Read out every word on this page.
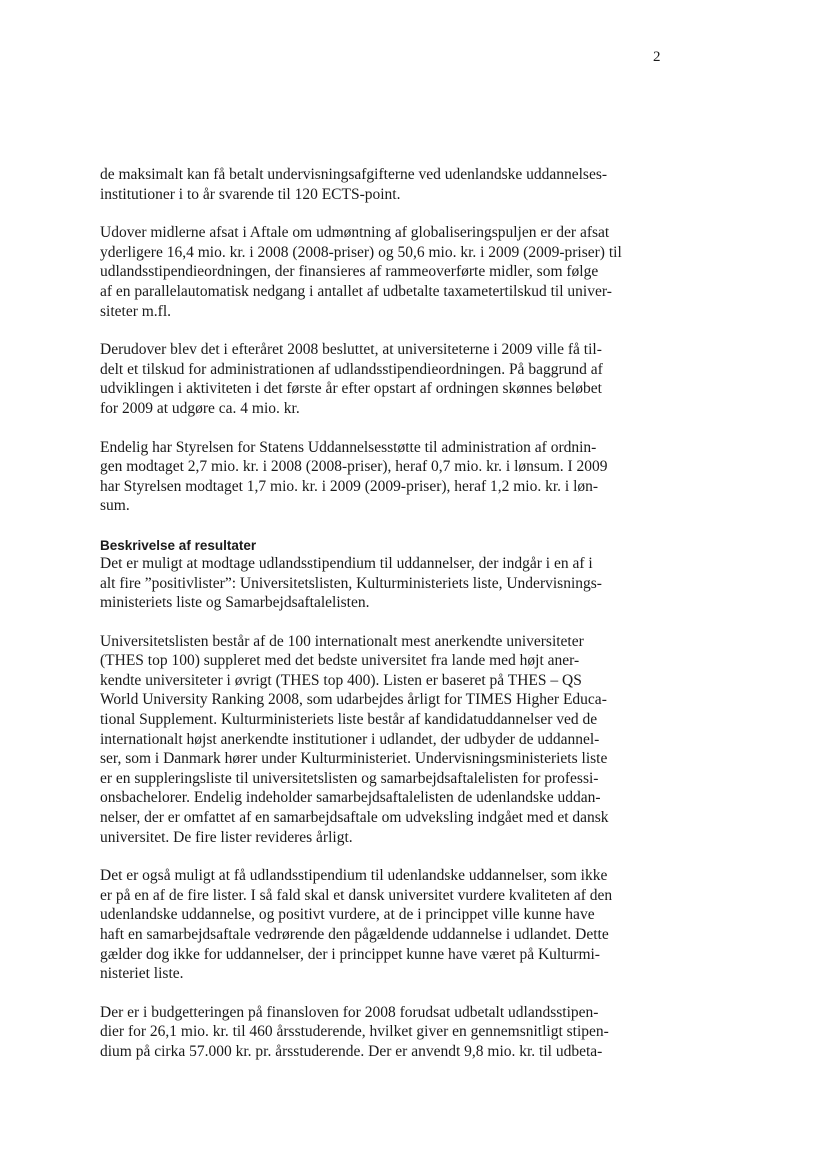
2

de maksimalt kan få betalt undervisningsafgifterne ved udenlandske uddannelses-
institutioner i to år svarende til 120 ECTS-point.

Udover midlerne afsat i Aftale om udmøntning af globaliseringspuljen er der afsat
yderligere 16,4 mio. kr. i 2008 (2008-priser) og 50,6 mio. kr. i 2009 (2009-priser) til
udlandsstipendieordningen, der finansieres af rammeoverførte midler, som følge
af en parallelautomatisk nedgang i antallet af udbetalte taxametertilskud til univer-
siteter m.fl.

Derudover blev det i efteråret 2008 besluttet, at universiteterne i 2009 ville få til-
delt et tilskud for administrationen af udlandsstipendieordningen. På baggrund af
udviklingen i aktiviteten i det første år efter opstart af ordningen skønnes beløbet
for 2009 at udgøre ca. 4 mio. kr.

Endelig har Styrelsen for Statens Uddannelsesstøtte til administration af ordnin-
gen modtaget 2,7 mio. kr. i 2008 (2008-priser), heraf 0,7 mio. kr. i lønsum. I 2009
har Styrelsen modtaget 1,7 mio. kr. i 2009 (2009-priser), heraf 1,2 mio. kr. i løn-
sum.

Beskrivelse af resultater

Det er muligt at modtage udlandsstipendium til uddannelser, der indgår i en af i
alt fire ”positivlister”: Universitetslisten, Kulturministeriets liste, Undervisnings-
ministeriets liste og Samarbejdsaftalelisten.

Universitetslisten består af de 100 internationalt mest anerkendte universiteter
(THES top 100) suppleret med det bedste universitet fra lande med højt aner-
kendte universiteter i øvrigt (THES top 400). Listen er baseret på THES – QS
World University Ranking 2008, som udarbejdes årligt for TIMES Higher Educa-
tional Supplement. Kulturministeriets liste består af kandidatuddannelser ved de
internationalt højst anerkendte institutioner i udlandet, der udbyder de uddannel-
ser, som i Danmark hører under Kulturministeriet. Undervisningsministeriets liste
er en suppleringsliste til universitetslisten og samarbejdsaftalelisten for professi-
onsbachelorer. Endelig indeholder samarbejdsaftalelisten de udenlandske uddan-
nelser, der er omfattet af en samarbejdsaftale om udveksling indgået med et dansk
universitet. De fire lister revideres årligt.

Det er også muligt at få udlandsstipendium til udenlandske uddannelser, som ikke
er på en af de fire lister. I så fald skal et dansk universitet vurdere kvaliteten af den
udenlandske uddannelse, og positivt vurdere, at de i princippet ville kunne have
haft en samarbejdsaftale vedrørende den pågældende uddannelse i udlandet. Dette
gælder dog ikke for uddannelser, der i princippet kunne have været på Kulturmi-
nisteriet liste.

Der er i budgetteringen på finansloven for 2008 forudsat udbetalt udlandsstipen-
dier for 26,1 mio. kr. til 460 årsstuderende, hvilket giver en gennemsnitligt stipen-
dium på cirka 57.000 kr. pr. årsstuderende. Der er anvendt 9,8 mio. kr. til udbeta-
